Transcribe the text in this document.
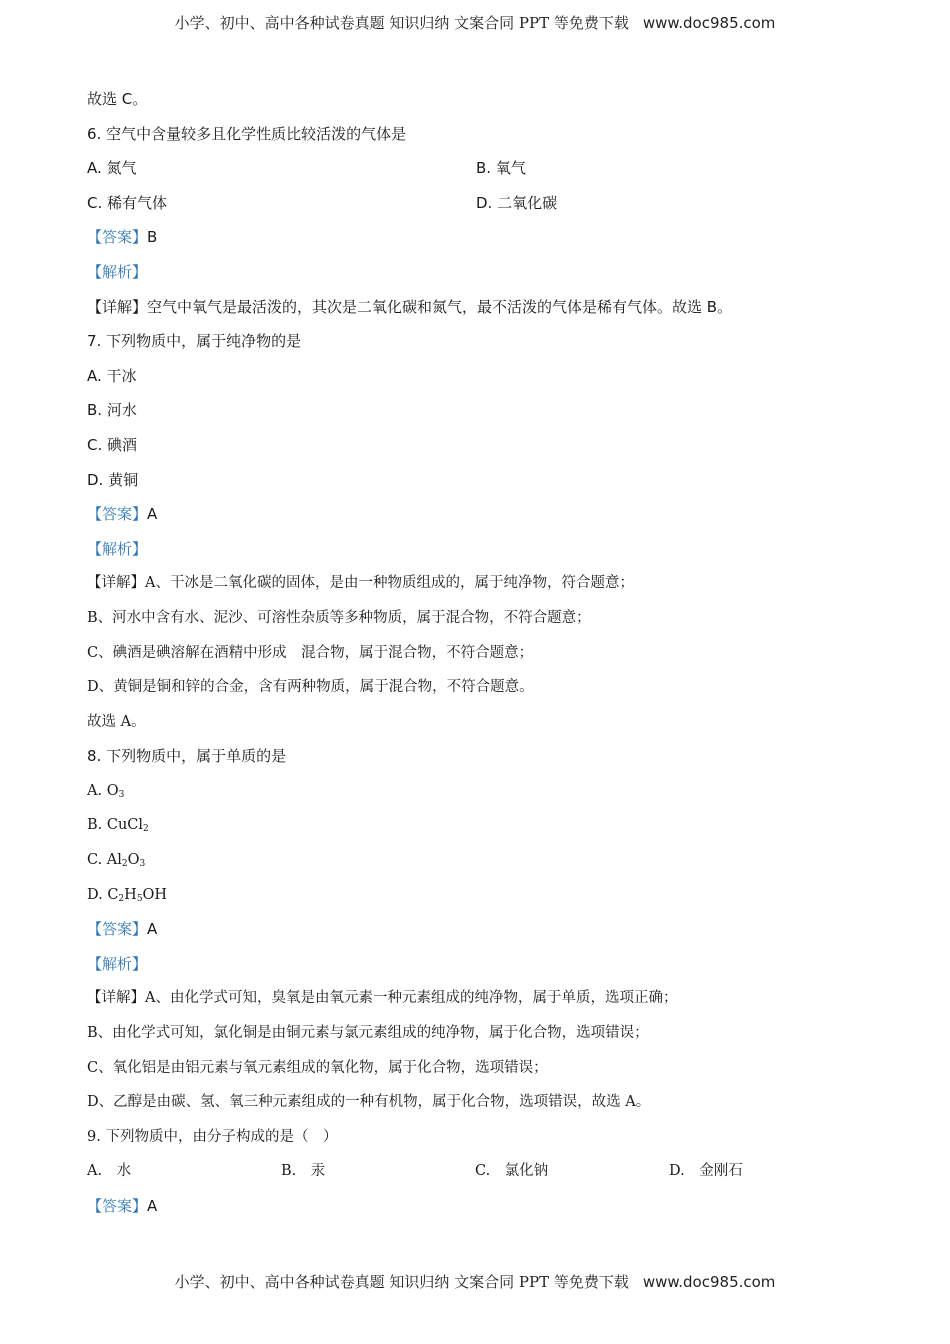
小学、初中、高中各种试卷真题 知识归纳 文案合同 PPT 等免费下载 www.doc985.com
故选 C。
6. 空气中含量较多且化学性质比较活泼的气体是
A. 氮气	B. 氧气
C. 稀有气体	D. 二氧化碳
【答案】B
【解析】
【详解】空气中氧气是最活泼的，其次是二氧化碳和氮气，最不活泼的气体是稀有气体。故选 B。
7. 下列物质中，属于纯净物的是
A. 干冰
B. 河水
C. 碘酒
D. 黄铜
【答案】A
【解析】
【详解】A、干冰是二氧化碳的固体，是由一种物质组成的，属于纯净物，符合题意；
B、河水中含有水、泥沙、可溶性杂质等多种物质，属于混合物，不符合题意；
C、碘酒是碘溶解在酒精中形成　混合物，属于混合物，不符合题意；
D、黄铜是铜和锌的合金，含有两种物质，属于混合物，不符合题意。
故选 A。
8. 下列物质中，属于单质的是
A. $O_3$
B. CuCl$_2$
C. $Al_2O_3$
D. $C_2H_5OH$
【答案】A
【解析】
【详解】A、由化学式可知，臭氧是由氧元素一种元素组成的纯净物，属于单质，选项正确；
B、由化学式可知，氯化铜是由铜元素与氯元素组成的纯净物，属于化合物，选项错误；
C、氧化铝是由铝元素与氧元素组成的氧化物，属于化合物，选项错误；
D、乙醇是由碳、氢、氧三种元素组成的一种有机物，属于化合物，选项错误，故选 A。
9. 下列物质中，由分子构成的是（　）
A.　水	B.　汞	C.　氯化钠	D.　金刚石
【答案】A
小学、初中、高中各种试卷真题 知识归纳 文案合同 PPT 等免费下载 www.doc985.com
